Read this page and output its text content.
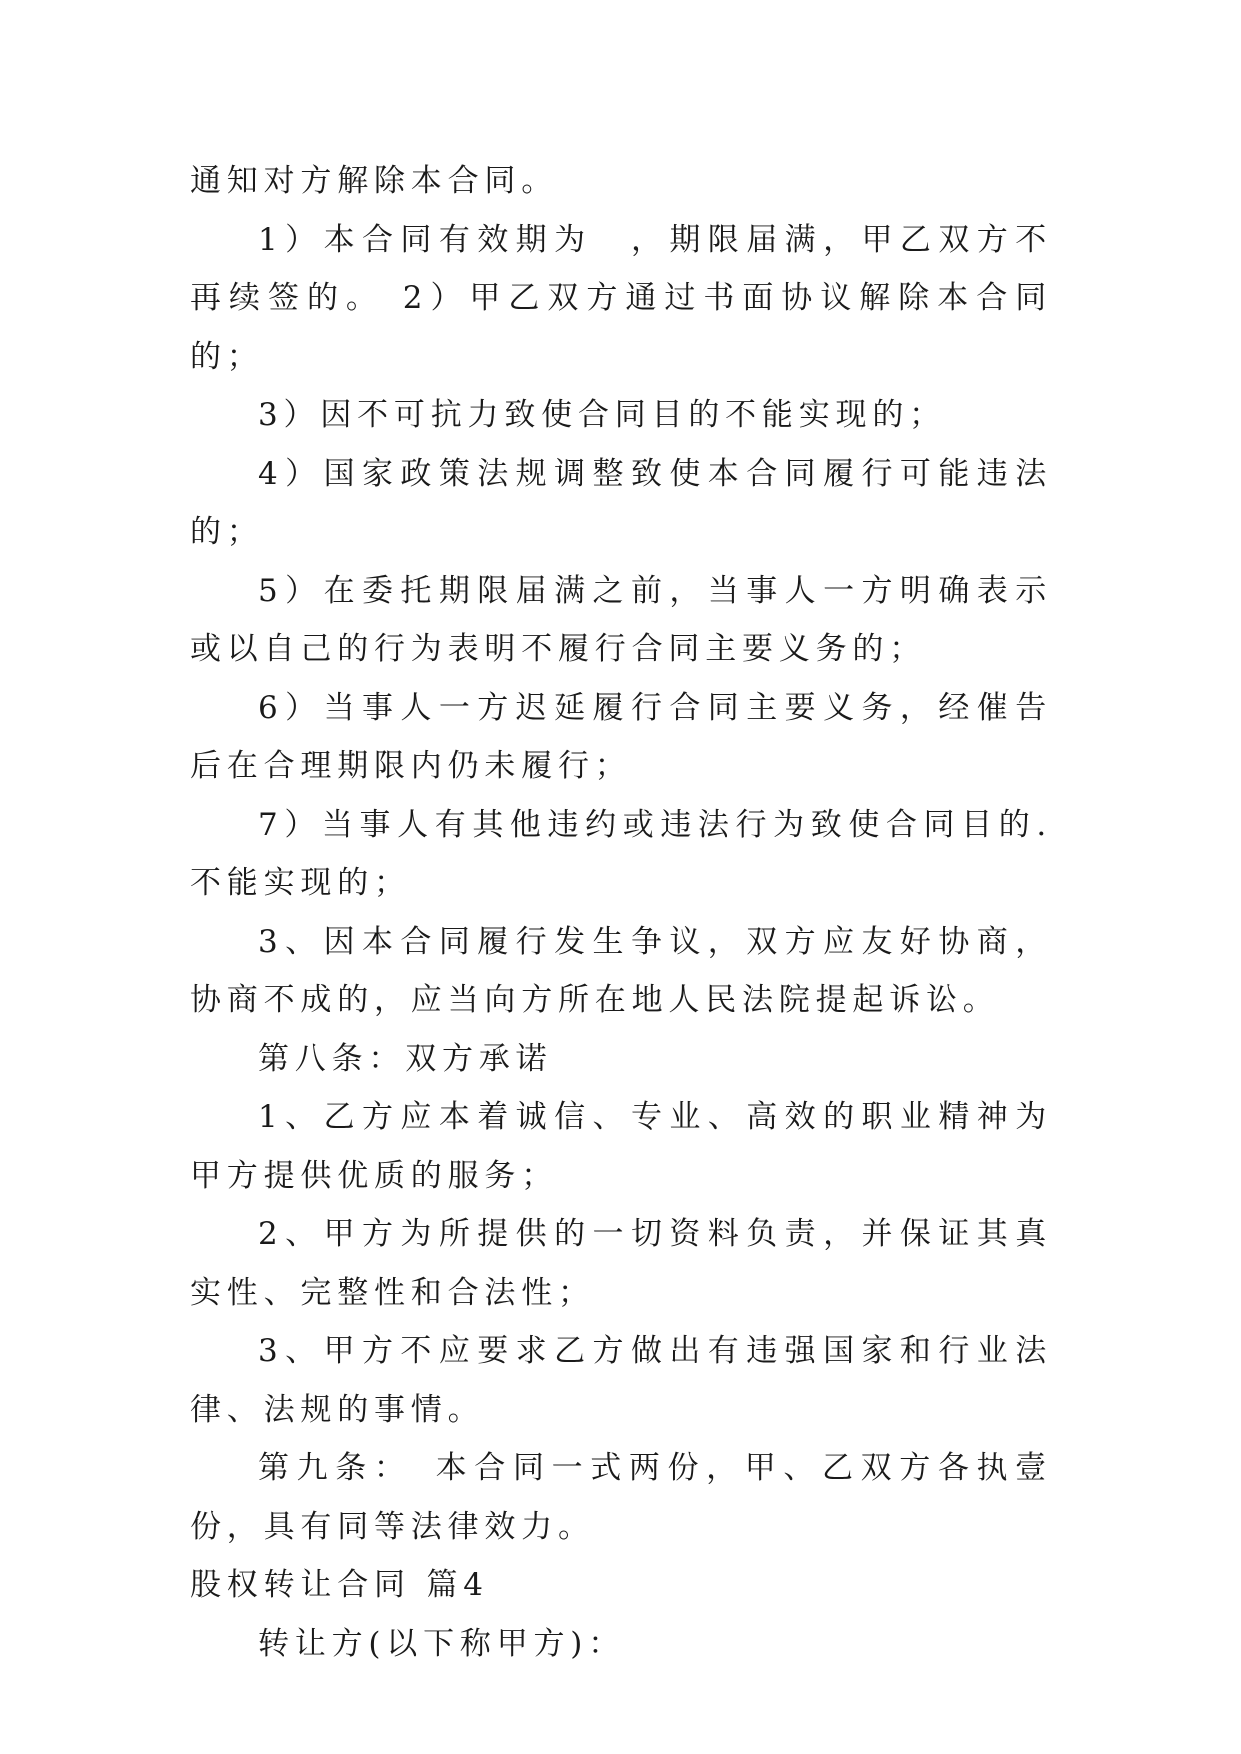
通知对方解除本合同。

1）本合同有效期为　，期限届满，甲乙双方不再续签的。 2）甲乙双方通过书面协议解除本合同的；

3）因不可抗力致使合同目的不能实现的；

4）国家政策法规调整致使本合同履行可能违法的；

5）在委托期限届满之前，当事人一方明确表示或以自己的行为表明不履行合同主要义务的；

6）当事人一方迟延履行合同主要义务，经催告后在合理期限内仍未履行；

7）当事人有其他违约或违法行为致使合同目的.不能实现的；

3、因本合同履行发生争议，双方应友好协商，协商不成的，应当向方所在地人民法院提起诉讼。

第八条：双方承诺

1、乙方应本着诚信、专业、高效的职业精神为甲方提供优质的服务；

2、甲方为所提供的一切资料负责，并保证其真实性、完整性和合法性；

3、甲方不应要求乙方做出有违强国家和行业法律、法规的事情。

第九条：　本合同一式两份，甲、乙双方各执壹份，具有同等法律效力。

股权转让合同 篇4

转让方(以下称甲方)：
